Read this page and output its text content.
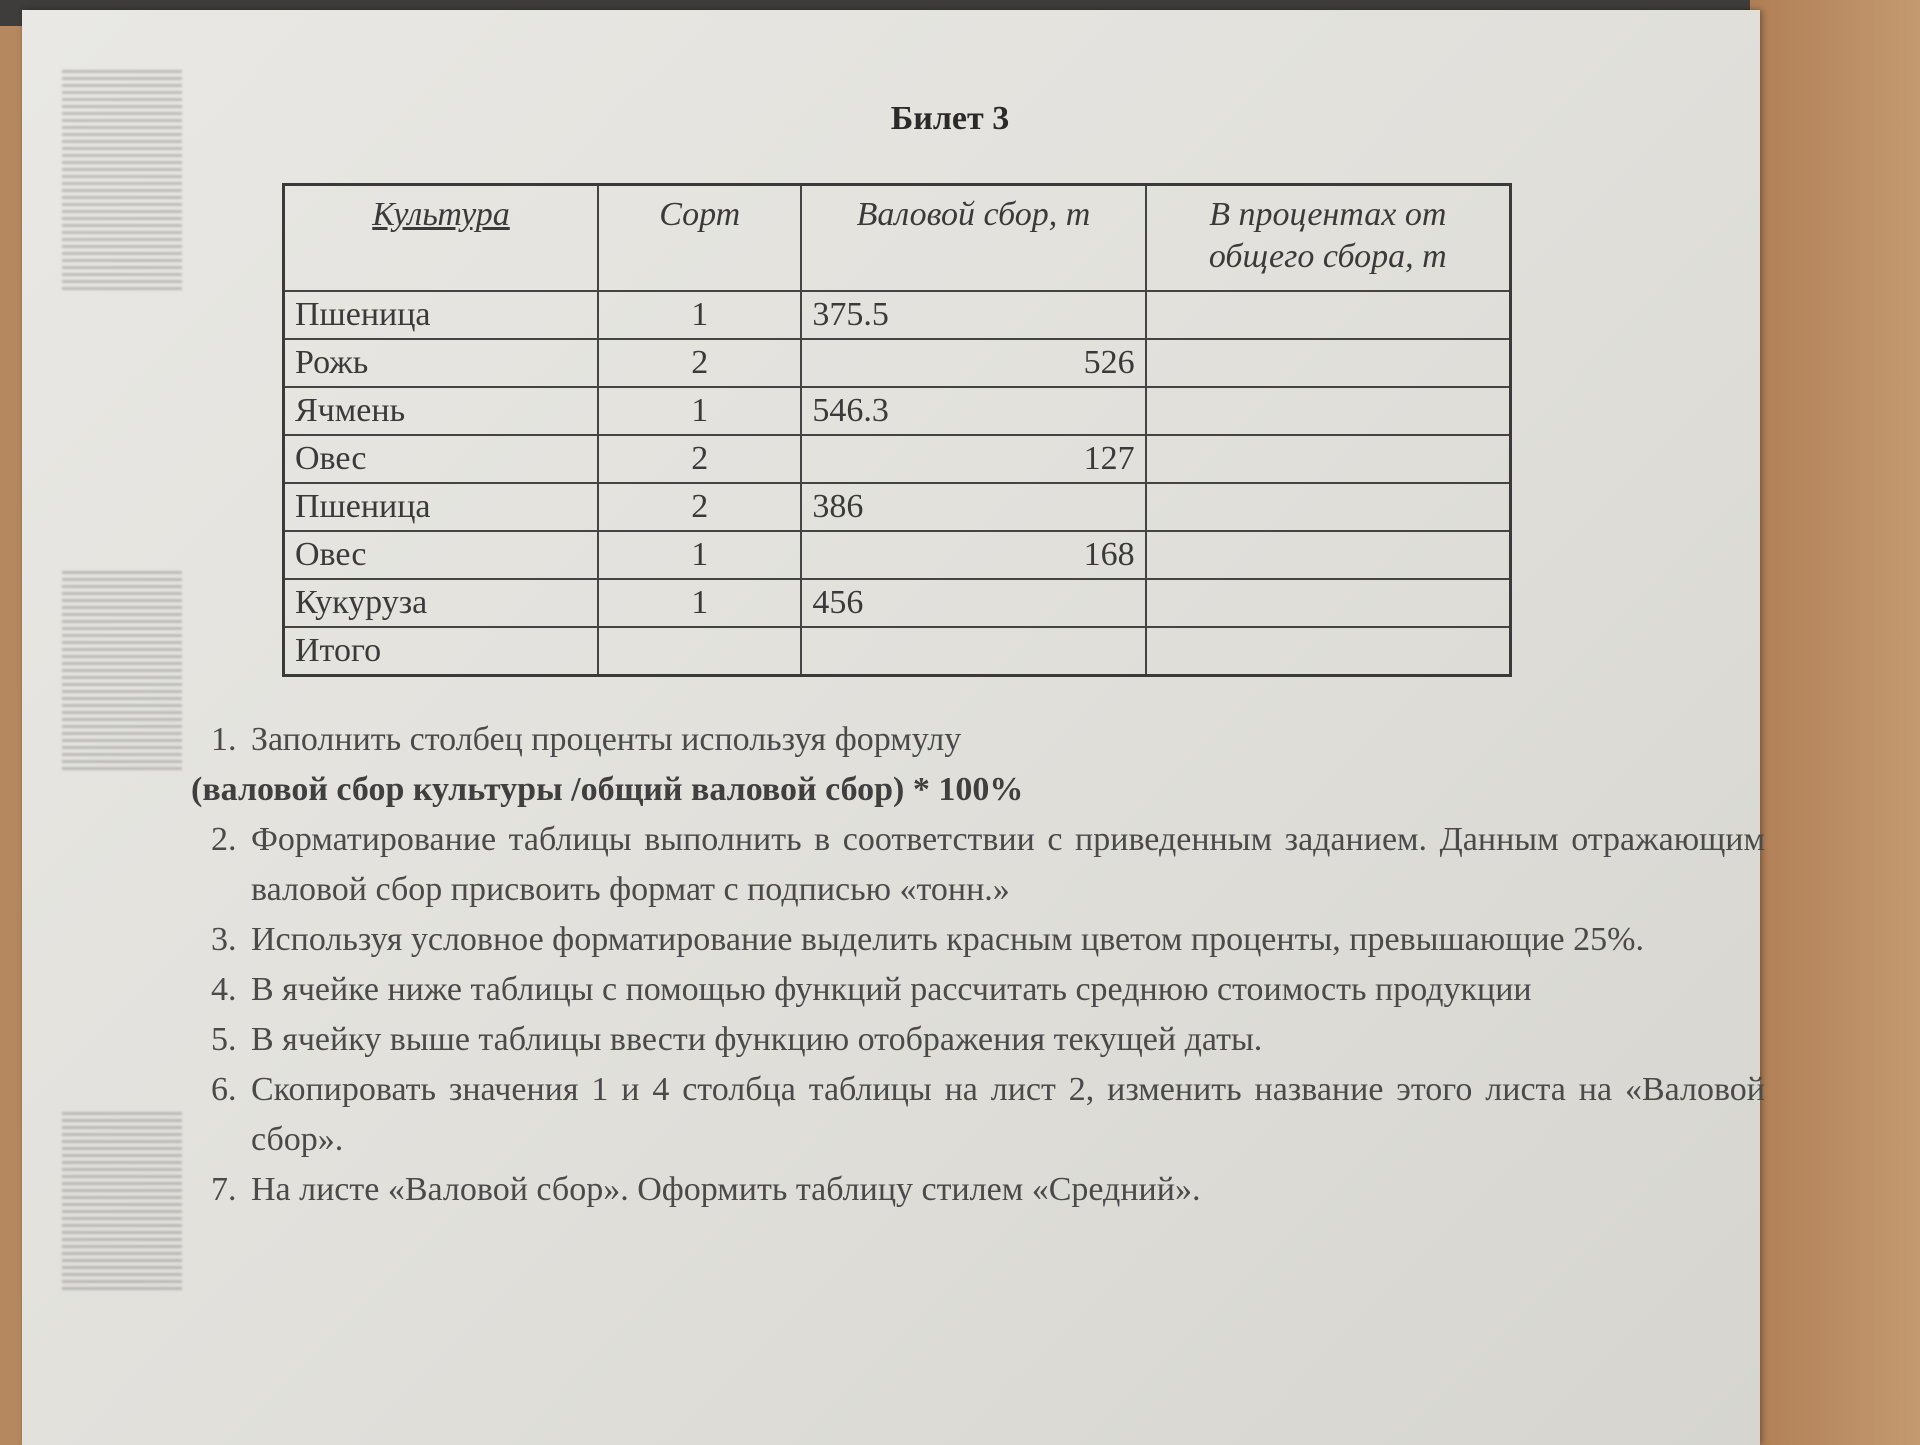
Билет 3
Культура	Сорт	Валовой сбор, т	В процентах от общего сбора, т
Пшеница	1	375.5	
Рожь	2	526	
Ячмень	1	546.3	
Овес	2	127	
Пшеница	2	386	
Овес	1	168	
Кукуруза	1	456	
Итого			
1. Заполнить столбец проценты используя формулу
(валовой сбор культуры /общий валовой сбор) * 100%
2. Форматирование таблицы выполнить в соответствии с приведенным заданием. Данным отражающим валовой сбор присвоить формат с подписью «тонн.»
3. Используя условное форматирование выделить красным цветом проценты, превышающие 25%.
4. В ячейке ниже таблицы с помощью функций рассчитать среднюю стоимость продукции
5. В ячейку выше таблицы ввести функцию отображения текущей даты.
6. Скопировать значения 1 и 4 столбца таблицы на лист 2, изменить название этого листа на «Валовой сбор».
7. На листе «Валовой сбор». Оформить таблицу стилем «Средний».
